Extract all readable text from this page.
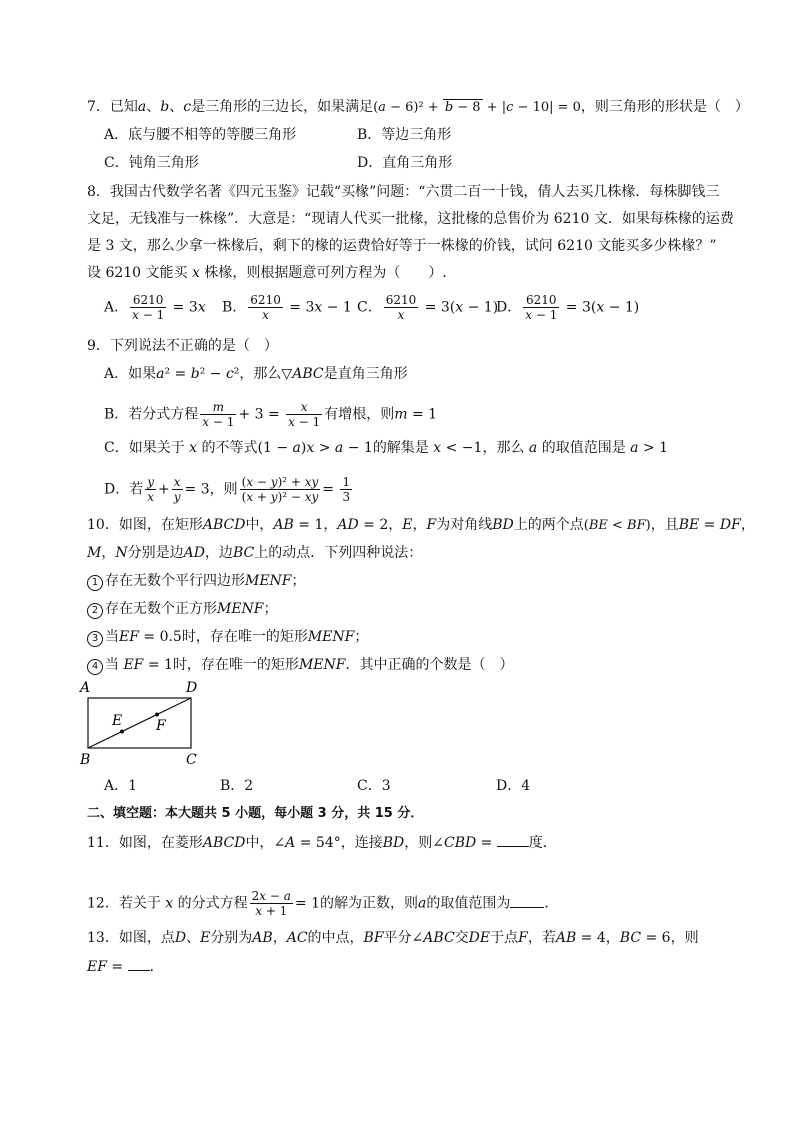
7．已知a、b、c是三角形的三边长，如果满足(a − 6)² + b − 8 + |c − 10| = 0，则三角形的形状是（　）
A．底与腰不相等的等腰三角形	B．等边三角形
C．钝角三角形	D．直角三角形
8．我国古代数学名著《四元玉鉴》记载“买椽”问题：“六贯二百一十钱，倩人去买几株椽．每株脚钱三
文足，无钱准与一株椽”．大意是：“现请人代买一批椽，这批椽的总售价为 6210 文．如果每株椽的运费
是 3 文，那么少拿一株椽后，剩下的椽的运费恰好等于一株椽的价钱，试问 6210 文能买多少株椽？”
设 6210 文能买 x 株椽，则根据题意可列方程为（　　）.
A． $\frac{6210}{x - 1} = 3x$ B． $\frac{6210}{x} = 3x - 1$ C． $\frac{6210}{x} = 3(x - 1)$
D． $\frac{6210}{x - 1} = 3(x - 1)$
9．下列说法不正确的是（　）
A．如果a² = b² − c²，那么▽ABC是直角三角形
B．若分式方程 $\frac{m}{x - 1} + 3 = \frac{x}{x - 1}$ 有增根，则m = 1
C．如果关于 x 的不等式(1 − a)x > a − 1的解集是 x < −1，那么 a 的取值范围是 a > 1
D．若 $\frac{y}{x} + \frac{x}{y} = 3$，则 $\frac{\text{(x − y)² + xy}}{\text{(x + y)² − xy}} = \frac{1}{3}$
10．如图，在矩形ABCD中，AB = 1，AD = 2，E，F为对角线BD上的两个点(BE < BF)，且BE = DF，
M，N分别是边AD，边BC上的动点．下列四种说法：
1 存在无数个平行四边形MENF；
2 存在无数个正方形MENF；
3 当EF = 0.5时，存在唯一的矩形MENF；
4 当 EF = 1时，存在唯一的矩形MENF．其中正确的个数是（　）
A	D
B	C
E F
A．1	B．2	C．3	D．4
二、填空题：本大题共 5 小题，每小题 3 分，共 15 分．
11．如图，在菱形ABCD中，∠A = 54°，连接BD，则∠CBD = 度．
12．若关于 x 的分式方程 $\frac{2x - a}{x + 1} = 1$的解为正数，则a的取值范围为 ．
13．如图，点D、E分别为AB，AC的中点，BF平分∠ABC交DE于点F，若AB = 4，BC = 6，则
EF = ．
